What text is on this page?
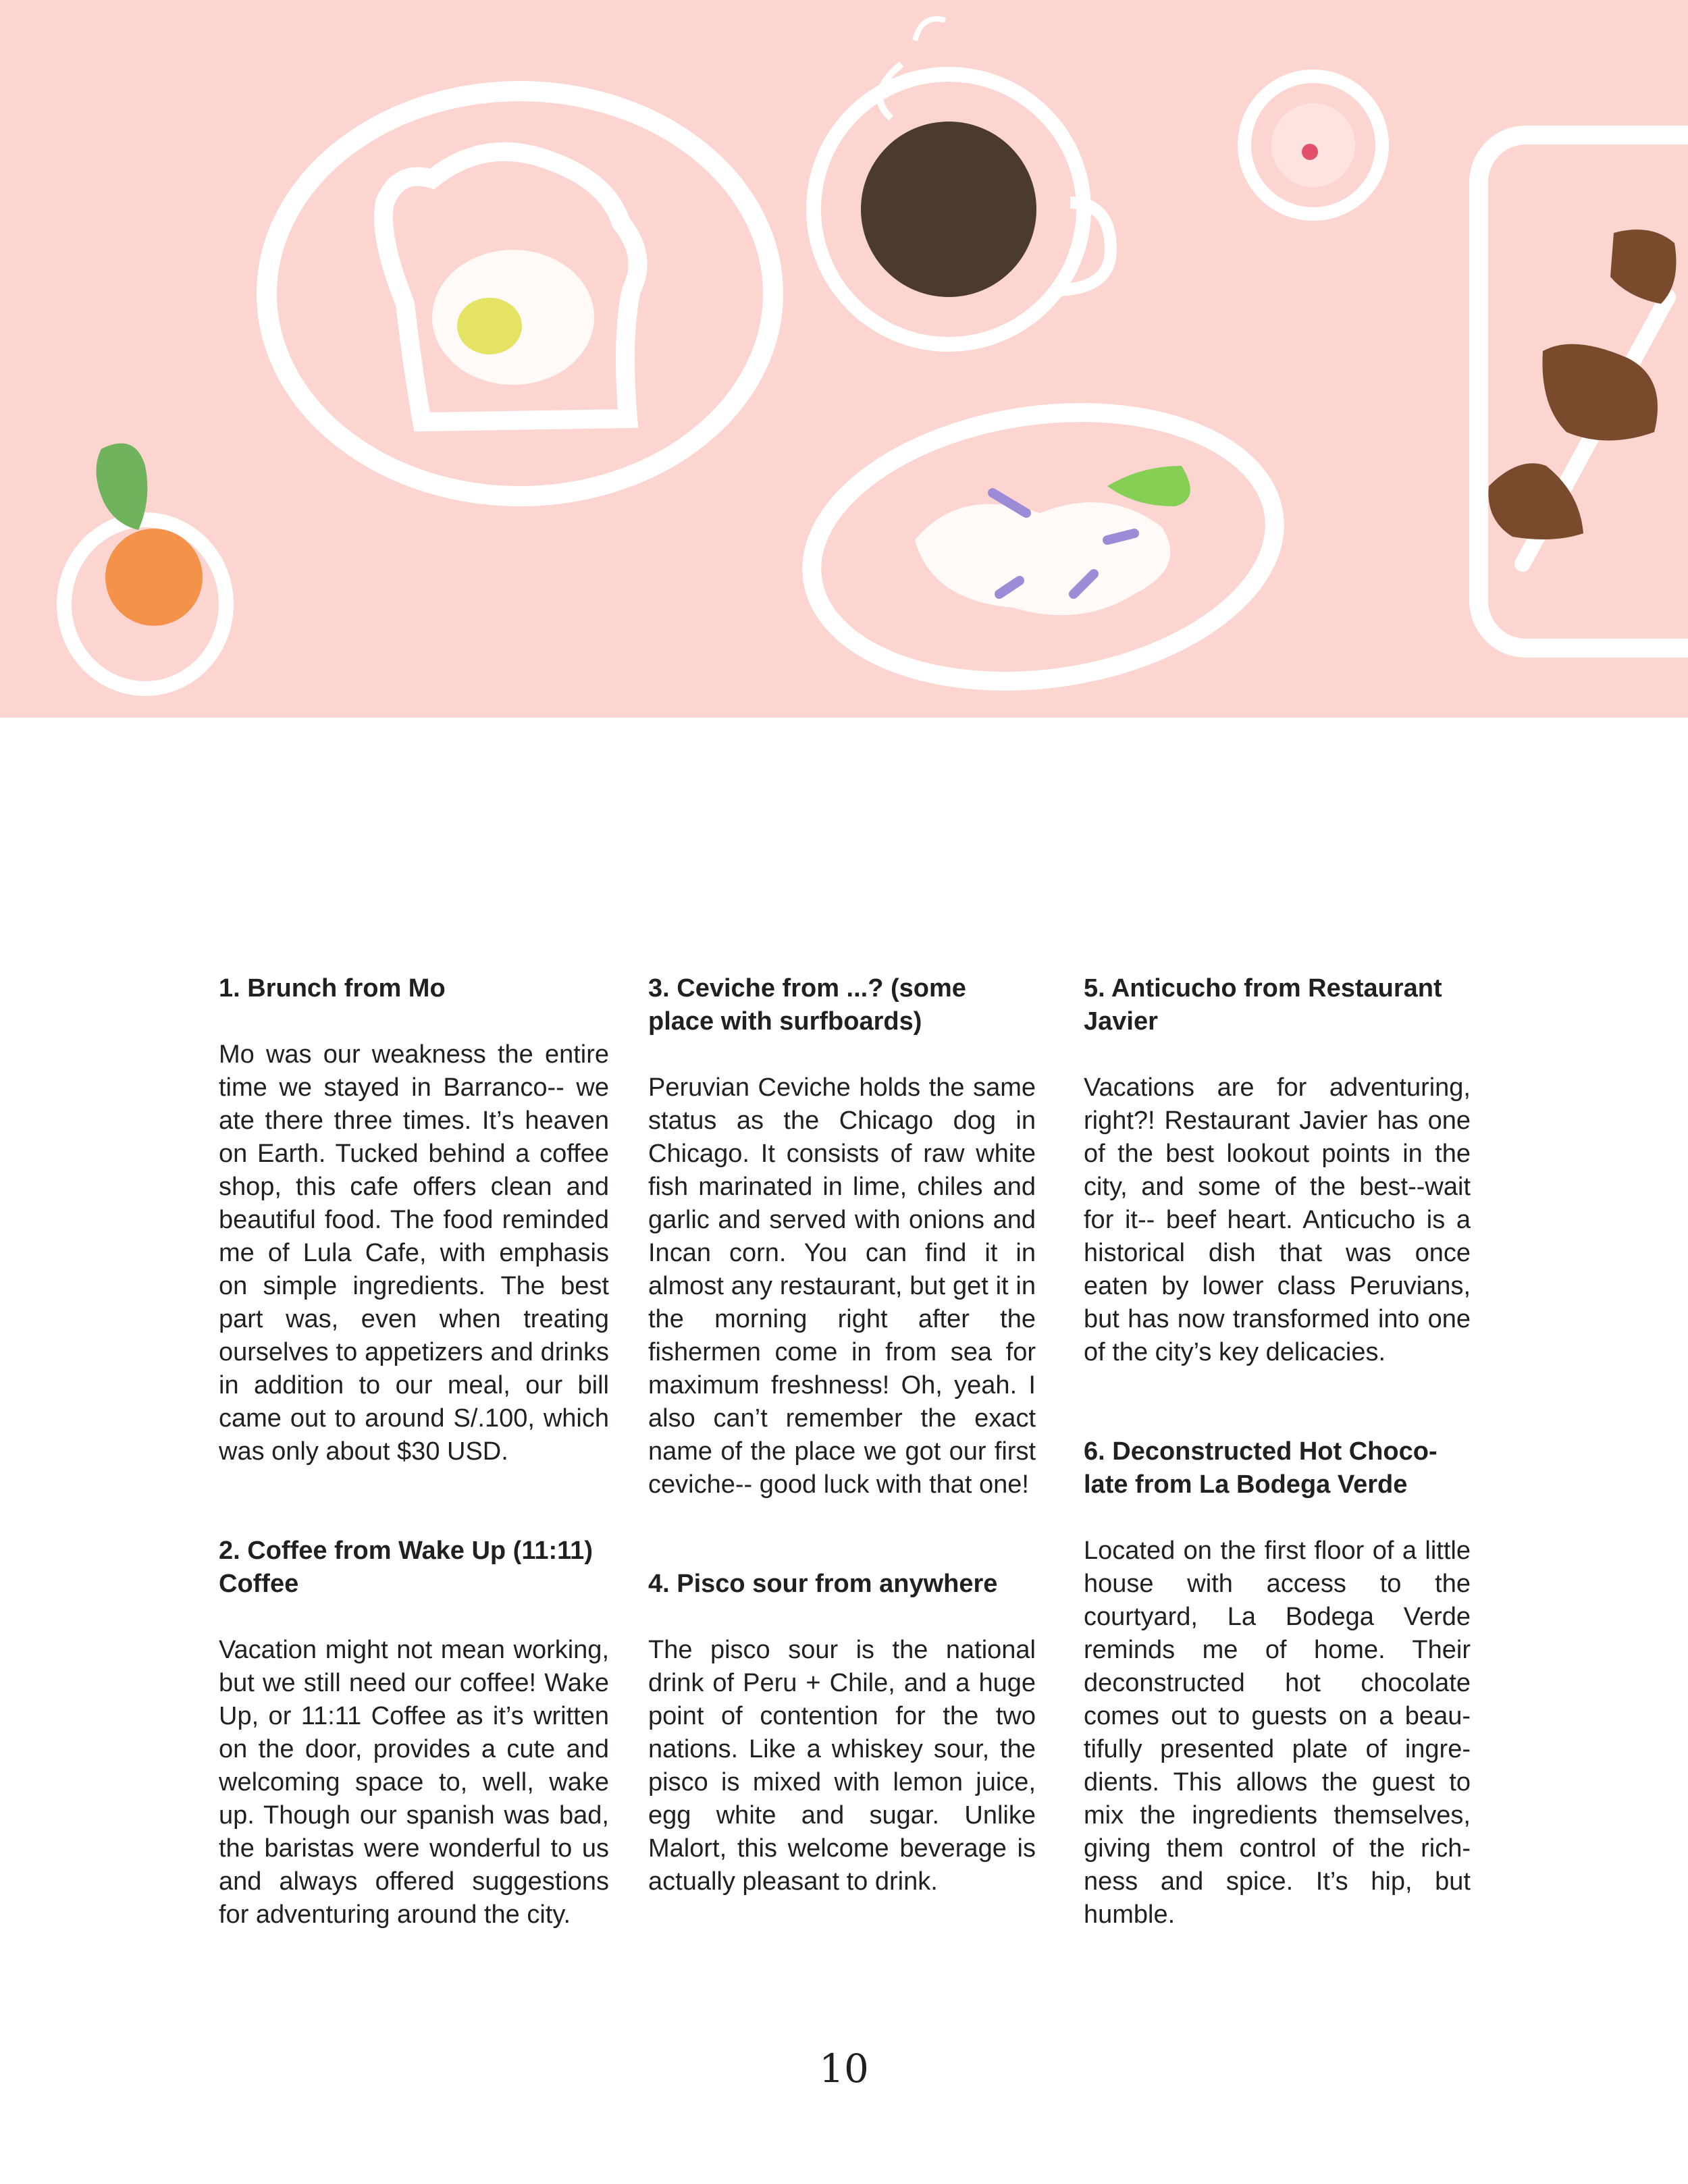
1. Brunch from Mo

Mo was our weakness the entire time we stayed in Barranco-- we ate there three times. It’s heaven on Earth. Tucked behind a coffee shop, this cafe offers clean and beautiful food. The food reminded me of Lula Cafe, with emphasis on simple ingredients. The best part was, even when treating ourselves to appetizers and drinks in addition to our meal, our bill came out to around S/.100, which was only about $30 USD.

2. Coffee from Wake Up (11:11) Coffee

Vacation might not mean working, but we still need our coffee! Wake Up, or 11:11 Coffee as it’s written on the door, provides a cute and welcoming space to, well, wake up. Though our spanish was bad, the baristas were wonderful to us and always offered suggestions for adventuring around the city.

3. Ceviche from ...? (some place with surfboards)

Peruvian Ceviche holds the same status as the Chicago dog in Chicago. It consists of raw white fish marinated in lime, chiles and garlic and served with onions and Incan corn. You can find it in almost any restaurant, but get it in the morning right after the fishermen come in from sea for maximum freshness! Oh, yeah. I also can’t remember the exact name of the place we got our first ceviche-- good luck with that one!

4. Pisco sour from anywhere

The pisco sour is the national drink of Peru + Chile, and a huge point of contention for the two nations. Like a whiskey sour, the pisco is mixed with lemon juice, egg white and sugar. Unlike Malort, this welcome beverage is actually pleasant to drink.

5. Anticucho from Restaurant Javier

Vacations are for adventuring, right?! Restaurant Javier has one of the best lookout points in the city, and some of the best--wait for it-- beef heart. Anticucho is a historical dish that was once eaten by lower class Peruvians, but has now transformed into one of the city’s key delicacies.

6. Deconstructed Hot Chocolate from La Bodega Verde

Located on the first floor of a little house with access to the courtyard, La Bodega Verde reminds me of home. Their deconstructed hot chocolate comes out to guests on a beautifully presented plate of ingredients. This allows the guest to mix the ingredients themselves, giving them control of the richness and spice. It’s hip, but humble.

10
